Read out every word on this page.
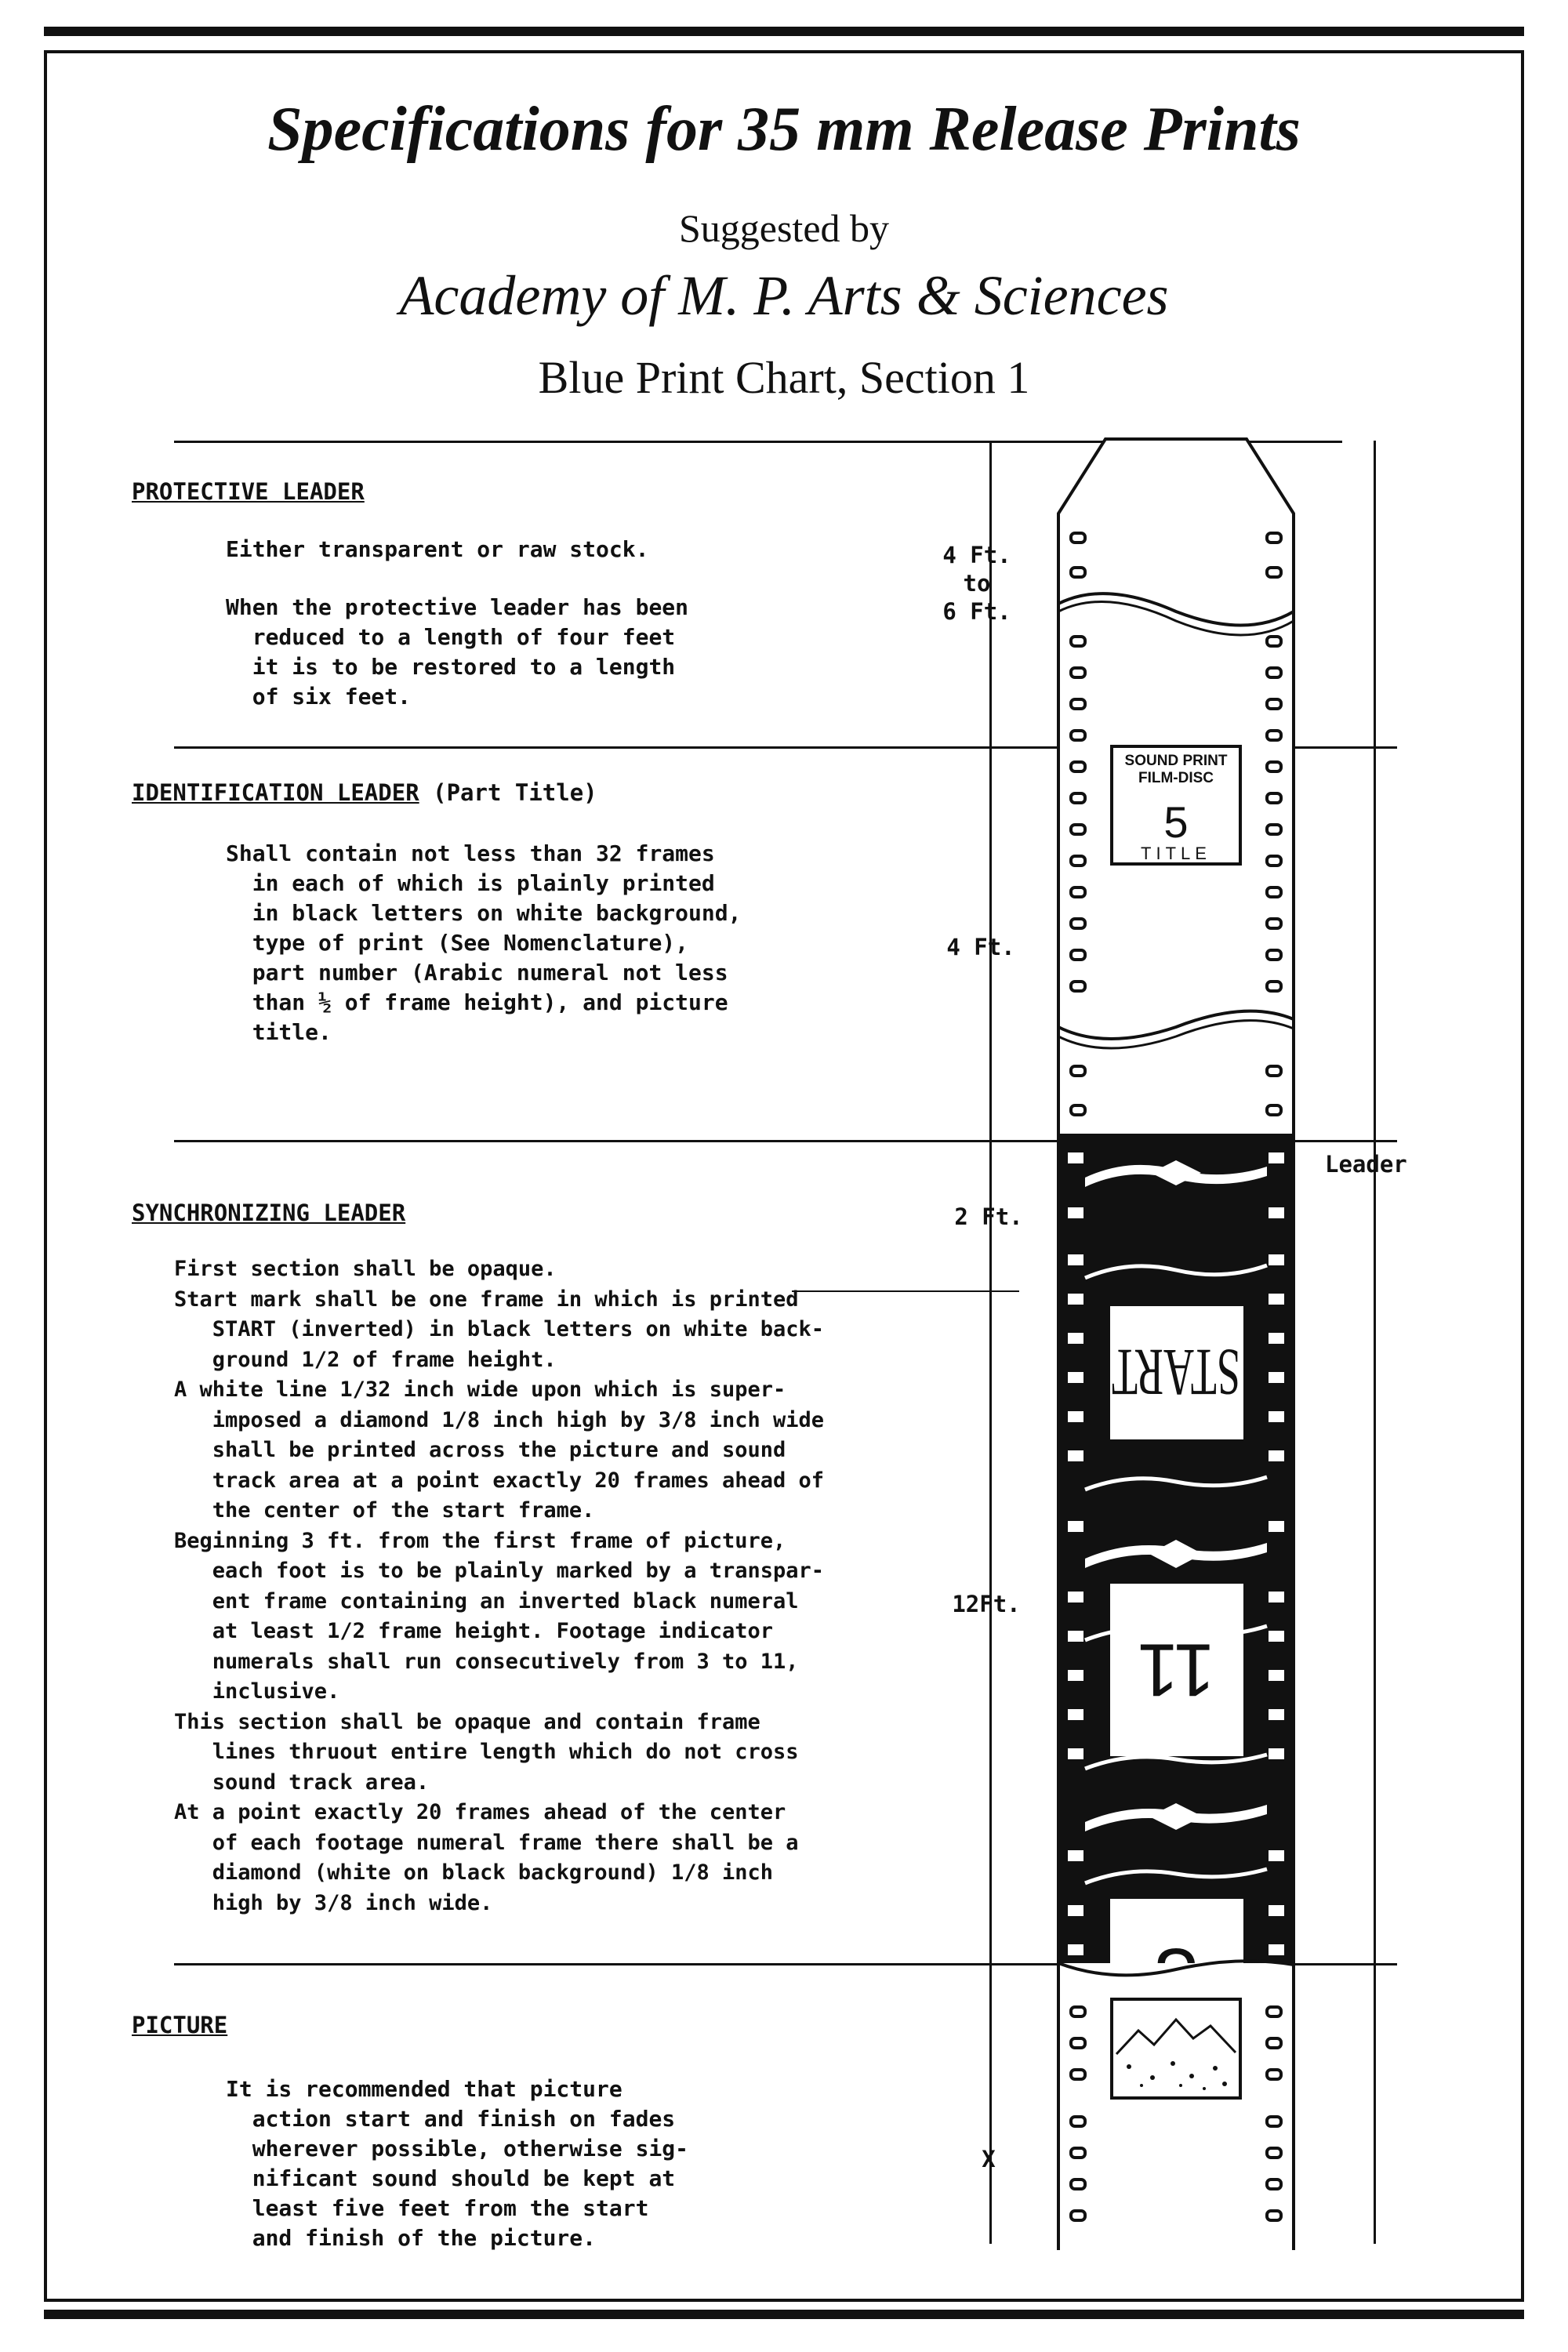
Specifications for 35 mm Release Prints
Suggested by
Academy of M. P. Arts & Sciences
Blue Print Chart, Section 1
PROTECTIVE LEADER
Either transparent or raw stock.
When the protective leader has been
reduced to a length of four feet
it is to be restored to a length
of six feet.
4 Ft.
to
6 Ft.
IDENTIFICATION LEADER (Part Title)
Shall contain not less than 32 frames
in each of which is plainly printed
in black letters on white background,
type of print (See Nomenclature),
part number (Arabic numeral not less
than ½ of frame height), and picture
title.
4 Ft.
SYNCHRONIZING LEADER
First section shall be opaque.
Start mark shall be one frame in which is printed
START (inverted) in black letters on white back-
ground 1/2 of frame height.
A white line 1/32 inch wide upon which is super-
imposed a diamond 1/8 inch high by 3/8 inch wide
shall be printed across the picture and sound
track area at a point exactly 20 frames ahead of
the center of the start frame.
Beginning 3 ft. from the first frame of picture,
each foot is to be plainly marked by a transpar-
ent frame containing an inverted black numeral
at least 1/2 frame height. Footage indicator
numerals shall run consecutively from 3 to 11,
inclusive.
This section shall be opaque and contain frame
lines thruout entire length which do not cross
sound track area.
At a point exactly 20 frames ahead of the center
of each footage numeral frame there shall be a
diamond (white on black background) 1/8 inch
high by 3/8 inch wide.
2 Ft.
12Ft.
PICTURE
It is recommended that picture
action start and finish on fades
wherever possible, otherwise sig-
nificant sound should be kept at
least five feet from the start
and finish of the picture.
X
Leader
SOUND PRINT
FILM-DISC
5
TITLE
START
11
